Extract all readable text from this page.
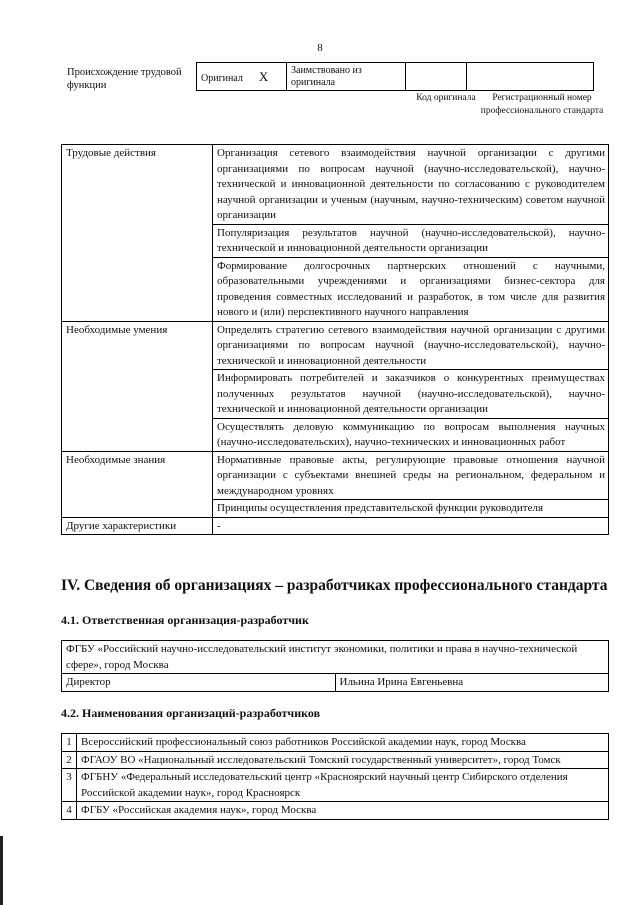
8
Происхождение трудовой функции
Оригинал X	Заимствовано из оригинала		
Код оригинала	Регистрационный номер профессионального стандарта
Трудовые действия	Организация сетевого взаимодействия научной организации с другими организациями по вопросам научной (научно-исследовательской), научно-технической и инновационной деятельности по согласованию с руководителем научной организации и ученым (научным, научно-техническим) советом научной организации
	Популяризация результатов научной (научно-исследовательской), научно-технической и инновационной деятельности организации
	Формирование долгосрочных партнерских отношений с научными, образовательными учреждениями и организациями бизнес-сектора для проведения совместных исследований и разработок, в том числе для развития нового и (или) перспективного научного направления
Необходимые умения	Определять стратегию сетевого взаимодействия научной организации с другими организациями по вопросам научной (научно-исследовательской), научно-технической и инновационной деятельности
	Информировать потребителей и заказчиков о конкурентных преимуществах полученных результатов научной (научно-исследовательской), научно-технической и инновационной деятельности организации
	Осуществлять деловую коммуникацию по вопросам выполнения научных (научно-исследовательских), научно-технических и инновационных работ
Необходимые знания	Нормативные правовые акты, регулирующие правовые отношения научной организации с субъектами внешней среды на региональном, федеральном и международном уровнях
	Принципы осуществления представительской функции руководителя
Другие характеристики	-
IV. Сведения об организациях – разработчиках профессионального стандарта
4.1. Ответственная организация-разработчик
ФГБУ «Российский научно-исследовательский институт экономики, политики и права в научно-технической сфере», город Москва
Директор	Ильина Ирина Евгеньевна
4.2. Наименования организаций-разработчиков
1	Всероссийский профессиональный союз работников Российской академии наук, город Москва
2	ФГАОУ ВО «Национальный исследовательский Томский государственный университет», город Томск
3	ФГБНУ «Федеральный исследовательский центр «Красноярский научный центр Сибирского отделения Российской академии наук», город Красноярск
4	ФГБУ «Российская академия наук», город Москва
